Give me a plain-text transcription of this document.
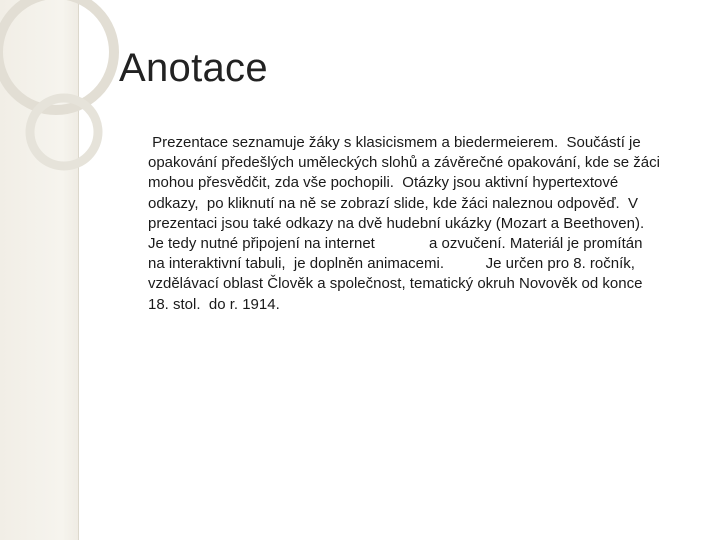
Anotace
Prezentace seznamuje žáky s klasicismem a biedermeierem.  Součástí je
opakování předešlých uměleckých slohů a závěrečné opakování, kde se žáci
mohou přesvědčit, zda vše pochopili.  Otázky jsou aktivní hypertextové
odkazy,  po kliknutí na ně se zobrazí slide, kde žáci naleznou odpověď.  V
prezentaci jsou také odkazy na dvě hudební ukázky (Mozart a Beethoven).
Je tedy nutné připojení na internet             a ozvučení. Materiál je promítán
na interaktivní tabuli,  je doplněn animacemi.          Je určen pro 8. ročník,
vzdělávací oblast Člověk a společnost, tematický okruh Novověk od konce
18. stol.  do r. 1914.
